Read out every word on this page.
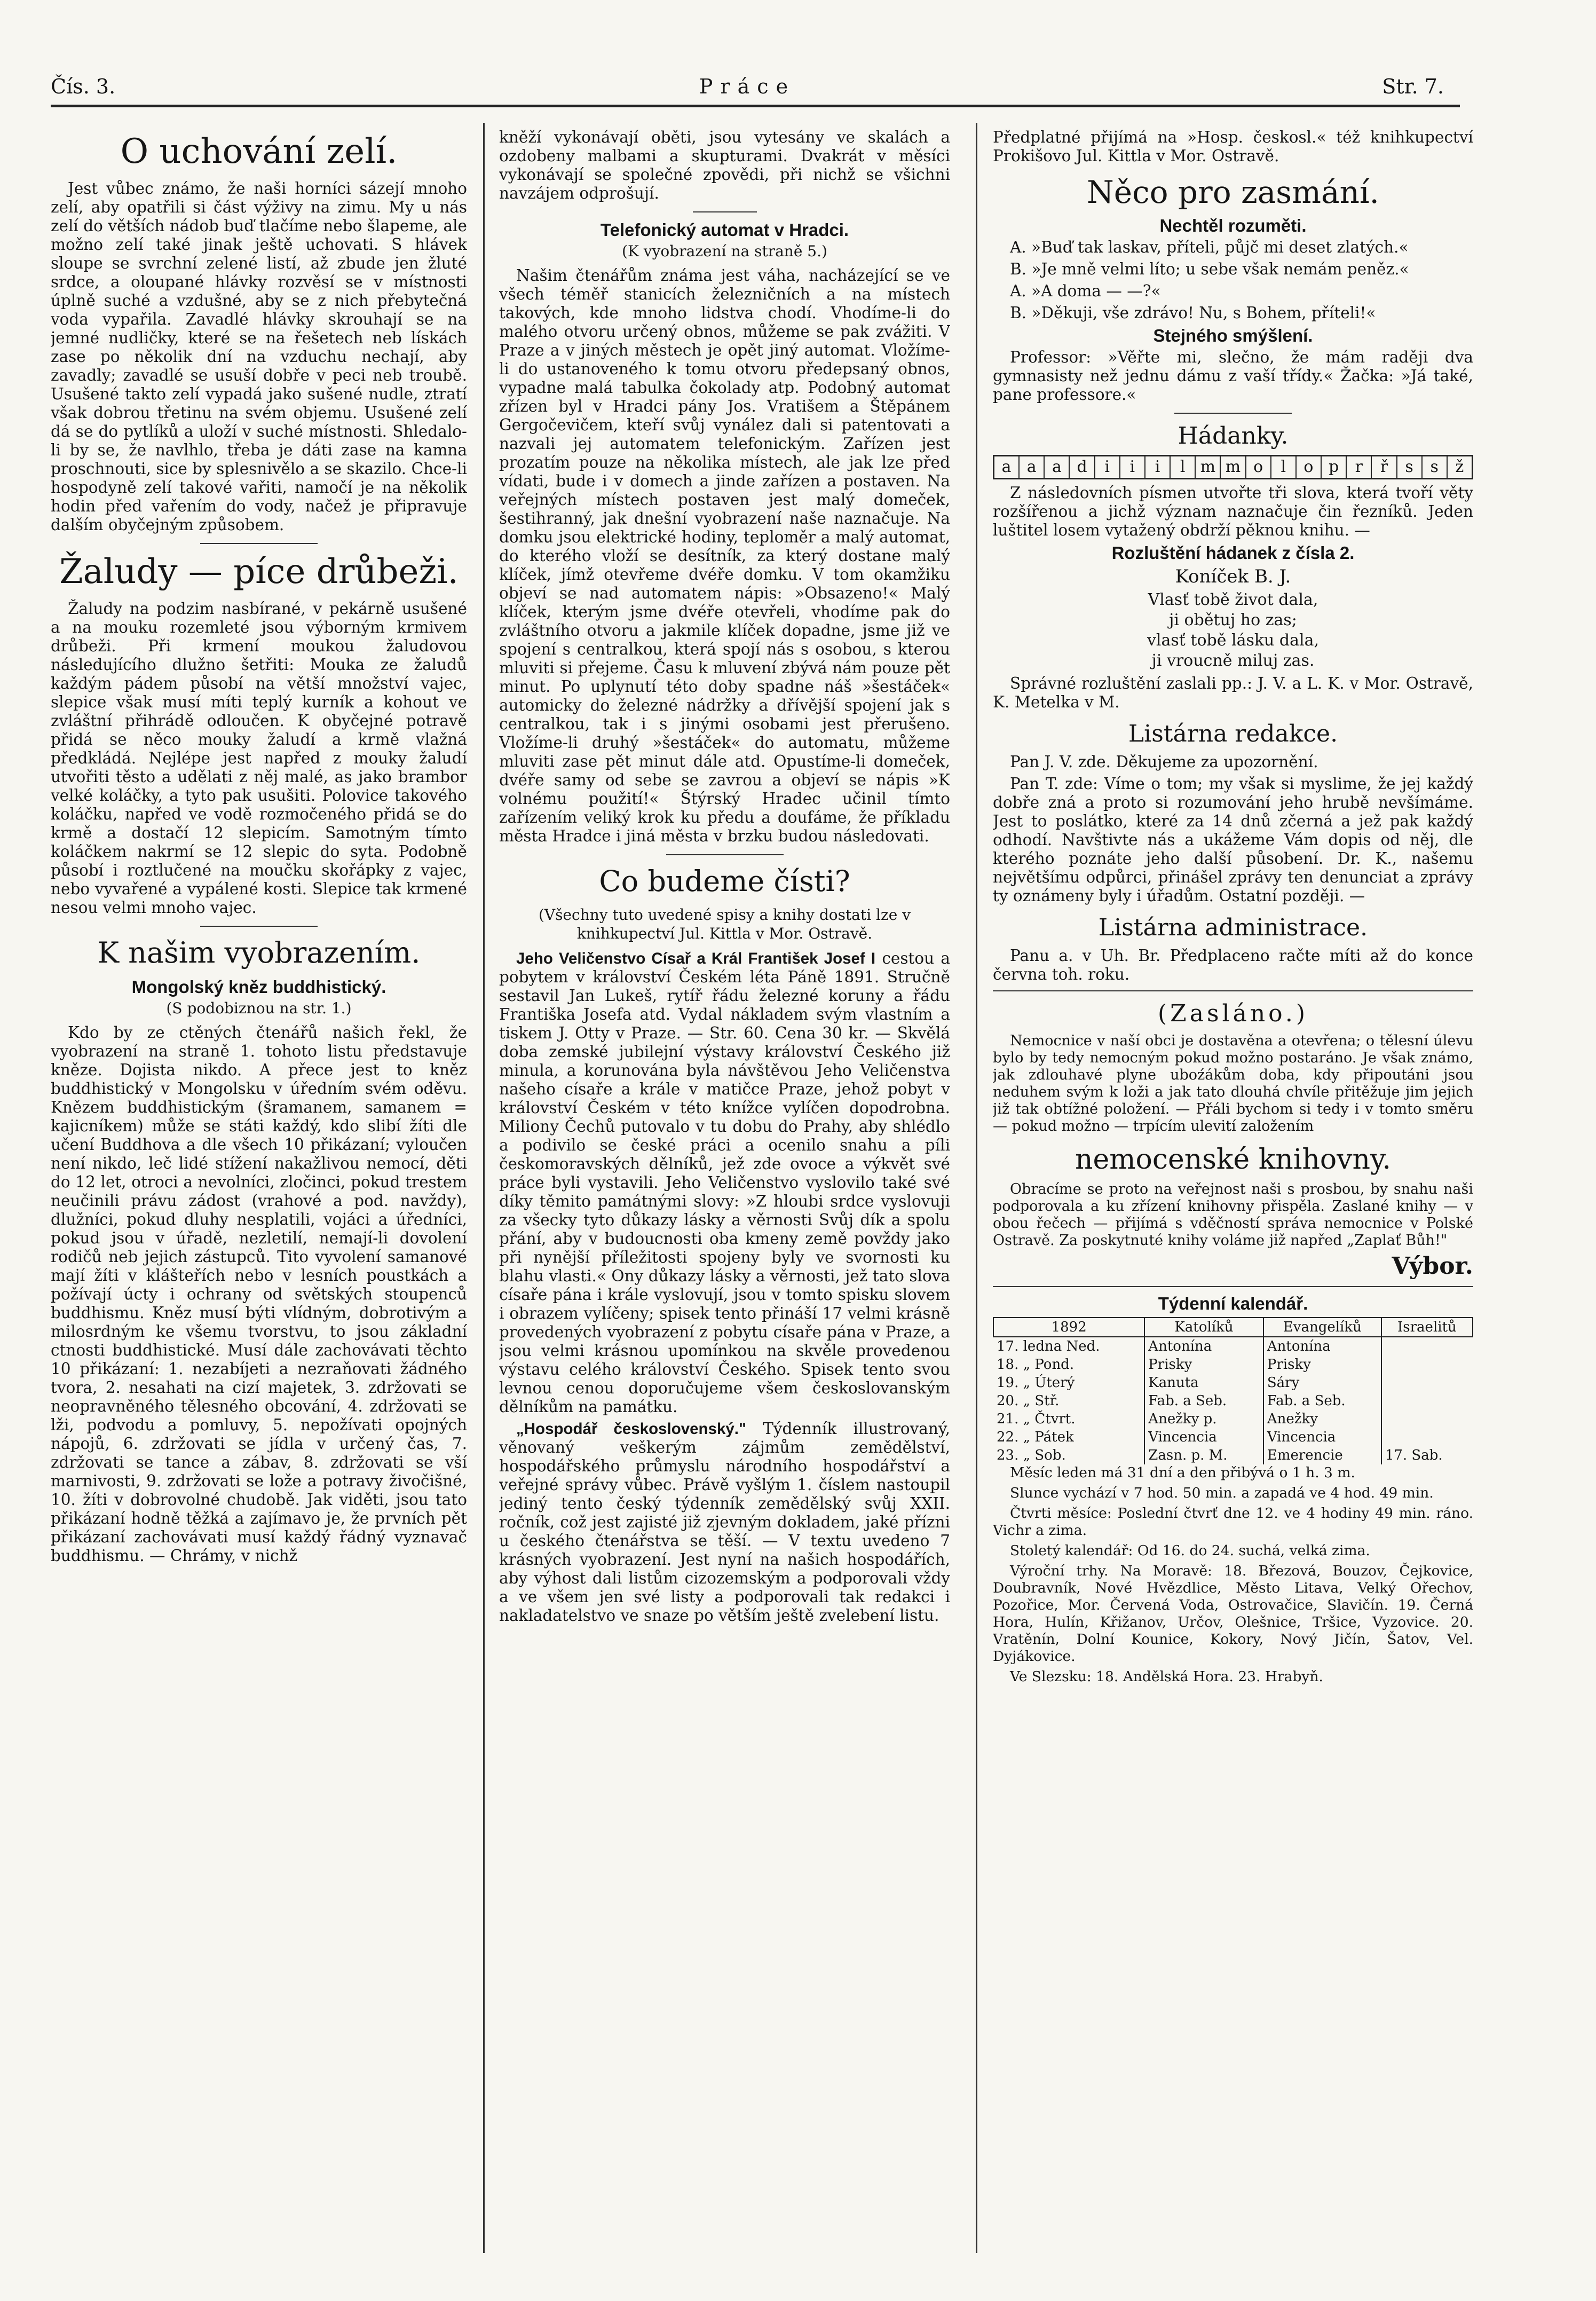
Čís. 3.	Práce	Str. 7.
O uchování zelí.

Jest vůbec známo, že naši horníci sázejí mnoho zelí, aby opatřili si část výživy na zimu. My u nás zelí do větších nádob buď tlačíme nebo šlapeme, ale možno zelí také jinak ještě uchovati. S hlávek sloupe se svrchní zelené listí, až zbude jen žluté srdce, a oloupané hlávky rozvěsí se v místnosti úplně suché a vzdušné, aby se z nich přebytečná voda vypařila. Zavadlé hlávky skrouhají se na jemné nudličky, které se na řešetech neb lískách zase po několik dní na vzduchu nechají, aby zavadly; zavadlé se usuší dobře v peci neb troubě. Usušené takto zelí vypadá jako sušené nudle, ztratí však dobrou třetinu na svém objemu. Usušené zelí dá se do pytlíků a uloží v suché místnosti. Shledalo-li by se, že navlhlo, třeba je dáti zase na kamna proschnouti, sice by splesnivělo a se skazilo. Chce-li hospodyně zelí takové vařiti, namočí je na několik hodin před vařením do vody, načež je připravuje dalším obyčejným způsobem.

Žaludy — píce drůbeži.

Žaludy na podzim nasbírané, v pekárně usušené a na mouku rozemleté jsou výborným krmivem drůbeži. Při krmení moukou žaludovou následujícího dlužno šetřiti: Mouka ze žaludů každým pádem působí na větší množství vajec, slepice však musí míti teplý kurník a kohout ve zvláštní přihrádě odloučen. K obyčejné potravě přidá se něco mouky žaludí a krmě vlažná předkládá. Nejlépe jest napřed z mouky žaludí utvořiti těsto a udělati z něj malé, as jako brambor velké koláčky, a tyto pak usušiti. Polovice takového koláčku, napřed ve vodě rozmočeného přidá se do krmě a dostačí 12 slepicím. Samotným tímto koláčkem nakrmí se 12 slepic do syta. Podobně působí i roztlučené na moučku skořápky z vajec, nebo vyvařené a vypálené kosti. Slepice tak krmené nesou velmi mnoho vajec.

K našim vyobrazením.
Mongolský kněz buddhistický.
(S podobiznou na str. 1.)

Kdo by ze ctěných čtenářů našich řekl, že vyobrazení na straně 1. tohoto listu představuje kněze. Dojista nikdo. A přece jest to kněz buddhistický v Mongolsku v úředním svém oděvu. Knězem buddhistickým (šramanem, samanem = kajicníkem) může se státi každý, kdo slibí žíti dle učení Buddhova a dle všech 10 přikázaní; vyloučen není nikdo, leč lidé stížení nakažlivou nemocí, děti do 12 let, otroci a nevolníci, zločinci, pokud trestem neučinili právu zádost (vrahové a pod. navždy), dlužníci, pokud dluhy nesplatili, vojáci a úředníci, pokud jsou v úřadě, nezletilí, nemají-li dovolení rodičů neb jejich zástupců. Tito vyvolení samanové mají žíti v klášteřích nebo v lesních poustkách a požívají úcty i ochrany od světských stoupenců buddhismu. Kněz musí býti vlídným, dobrotivým a milosrdným ke všemu tvorstvu, to jsou základní ctnosti buddhistické. Musí dále zachovávati těchto 10 přikázaní: 1. nezabíjeti a nezraňovati žádného tvora, 2. nesahati na cizí majetek, 3. zdržovati se neopravněného tělesného obcování, 4. zdržovati se lži, podvodu a pomluvy, 5. nepožívati opojných nápojů, 6. zdržovati se jídla v určený čas, 7. zdržovati se tance a zábav, 8. zdržovati se vší marnivosti, 9. zdržovati se lože a potravy živočišné, 10. žíti v dobrovolné chudobě. Jak viděti, jsou tato přikázaní hodně těžká a zajímavo je, že prvních pět přikázaní zachovávati musí každý řádný vyznavač buddhismu. — Chrámy, v nichž

kněží vykonávají oběti, jsou vytesány ve skalách a ozdobeny malbami a skupturami. Dvakrát v měsíci vykonávají se společné zpovědi, při nichž se všichni navzájem odprošují.

Telefonický automat v Hradci.
(K vyobrazení na straně 5.)

Našim čtenářům známa jest váha, nacházející se ve všech téměř stanicích železničních a na místech takových, kde mnoho lidstva chodí. Vhodíme-li do malého otvoru určený obnos, můžeme se pak zvážiti. V Praze a v jiných městech je opět jiný automat. Vložíme-li do ustanoveného k tomu otvoru předepsaný obnos, vypadne malá tabulka čokolady atp. Podobný automat zřízen byl v Hradci pány Jos. Vratišem a Štěpánem Gergočevičem, kteří svůj vynález dali si patentovati a nazvali jej automatem telefonickým. Zařízen jest prozatím pouze na několika místech, ale jak lze před vídati, bude i v domech a jinde zařízen a postaven. Na veřejných místech postaven jest malý domeček, šestihranný, jak dnešní vyobrazení naše naznačuje. Na domku jsou elektrické hodiny, teploměr a malý automat, do kterého vloží se desítník, za který dostane malý klíček, jímž otevřeme dvéře domku. V tom okamžiku objeví se nad automatem nápis: »Obsazeno!« Malý klíček, kterým jsme dvéře otevřeli, vhodíme pak do zvláštního otvoru a jakmile klíček dopadne, jsme již ve spojení s centralkou, která spojí nás s osobou, s kterou mluviti si přejeme. Času k mluvení zbývá nám pouze pět minut. Po uplynutí této doby spadne náš »šestáček« automicky do železné nádržky a dřívější spojení jak s centralkou, tak i s jinými osobami jest přerušeno. Vložíme-li druhý »šestáček« do automatu, můžeme mluviti zase pět minut dále atd. Opustíme-li domeček, dvéře samy od sebe se zavrou a objeví se nápis »K volnému použití!« Štýrský Hradec učinil tímto zařízením veliký krok ku předu a doufáme, že příkladu města Hradce i jiná města v brzku budou následovati.

Co budeme čísti?

(Všechny tuto uvedené spisy a knihy dostati lze v knihkupectví Jul. Kittla v Mor. Ostravě.

Jeho Veličenstvo Císař a Král František Josef I cestou a pobytem v království Českém léta Páně 1891. Stručně sestavil Jan Lukeš, rytíř řádu železné koruny a řádu Františka Josefa atd. Vydal nákladem svým vlastním a tiskem J. Otty v Praze. — Str. 60. Cena 30 kr. — Skvělá doba zemské jubilejní výstavy království Českého již minula, a korunována byla návštěvou Jeho Veličenstva našeho císaře a krále v matičce Praze, jehož pobyt v království Českém v této knížce vylíčen dopodrobna. Miliony Čechů putovalo v tu dobu do Prahy, aby shlédlo a podivilo se české práci a ocenilo snahu a píli českomoravských dělníků, jež zde ovoce a výkvět své práce byli vystavili. Jeho Veličenstvo vyslovilo také své díky těmito památnými slovy: »Z hloubi srdce vyslovuji za všecky tyto důkazy lásky a věrnosti Svůj dík a spolu přání, aby v budoucnosti oba kmeny země povždy jako při nynější příležitosti spojeny byly ve svornosti ku blahu vlasti.« Ony důkazy lásky a věrnosti, jež tato slova císaře pána i krále vyslovují, jsou v tomto spisku slovem i obrazem vylíčeny; spisek tento přináší 17 velmi krásně provedených vyobrazení z pobytu císaře pána v Praze, a jsou velmi krásnou upomínkou na skvěle provedenou výstavu celého království Českého. Spisek tento svou levnou cenou doporučujeme všem českoslovanským dělníkům na památku.

„Hospodář československý." Týdenník illustrovaný, věnovaný veškerým zájmům zemědělství, hospodářského průmyslu národního hospodářství a veřejné správy vůbec. Právě vyšlým 1. číslem nastoupil jediný tento český týdenník zemědělský svůj XXII. ročník, což jest zajisté již zjevným dokladem, jaké přízni u českého čtenářstva se těší. — V textu uvedeno 7 krásných vyobrazení. Jest nyní na našich hospodářích, aby výhost dali listům cizozemským a podporovali vždy a ve všem jen své listy a podporovali tak redakci i nakladatelstvo ve snaze po větším ještě zvelebení listu.

Předplatné přijímá na »Hosp. českosl.« též knihkupectví Prokišovo Jul. Kittla v Mor. Ostravě.

Něco pro zasmání.
Nechtěl rozuměti.

A. »Buď tak laskav, příteli, půjč mi deset zlatých.«

B. »Je mně velmi líto; u sebe však nemám peněz.«

A. »A doma — —?«

B. »Děkuji, vše zdrávo! Nu, s Bohem, příteli!«

Stejného smýšlení.

Professor: »Věřte mi, slečno, že mám raději dva gymnasisty než jednu dámu z vaší třídy.« Žačka: »Já také, pane professore.«

Hádanky.
a a a d	i	i	i	l m m o	l	o p	r	ř	s	s	ž

Z následovních písmen utvořte tři slova, která tvoří věty rozšířenou a jichž význam naznačuje čin řezníků. Jeden luštitel losem vytažený obdrží pěknou knihu. —

Rozluštění hádanek z čísla 2.
Koníček B. J.
Vlasť tobě život dala,
ji obětuj ho zas;
vlasť tobě lásku dala,
ji vroucně miluj zas.

Správné rozluštění zaslali pp.: J. V. a L. K. v Mor. Ostravě, K. Metelka v M.

Listárna redakce.

Pan J. V. zde. Děkujeme za upozornění.

Pan T. zde: Víme o tom; my však si myslime, že jej každý dobře zná a proto si rozumování jeho hrubě nevšímáme. Jest to poslátko, které za 14 dnů zčerná a jež pak každý odhodí. Navštivte nás a ukážeme Vám dopis od něj, dle kterého poznáte jeho další působení. Dr. K., našemu největšímu odpůrci, přinášel zprávy ten denunciat a zprávy ty oznámeny byly i úřadům. Ostatní později. —

Listárna administrace.

Panu a. v Uh. Br. Předplaceno račte míti až do konce června toh. roku.

(Zasláno.)

Nemocnice v naší obci je dostavěna a otevřena; o tělesní úlevu bylo by tedy nemocným pokud možno postaráno. Je však známo, jak zdlouhavé plyne uboźákům doba, kdy připoutáni jsou neduhem svým k loži a jak tato dlouhá chvíle přitěžuje jim jejich již tak obtížné položení. — Přáli bychom si tedy i v tomto směru — pokud možno — trpícím ulevití založením

nemocenské knihovny.

Obracíme se proto na veřejnost naši s prosbou, by snahu naši podporovala a ku zřízení knihovny přispěla. Zaslané knihy — v obou řečech — přijímá s vděčností správa nemocnice v Polské Ostravě. Za poskytnuté knihy voláme již napřed „Zaplať Bůh!"

Výbor.
Týdenní kalendář.
1892	Katolíků	Evangelíků	Israelitů
17. ledna Ned.	Antonína	Antonína	
18. „ Pond.	Prisky	Prisky	
19. „ Úterý	Kanuta	Sáry	
20. „ Stř.	Fab. a Seb.	Fab. a Seb.	
21. „ Čtvrt.	Anežky p.	Anežky	
22. „ Pátek	Vincencia	Vincencia	
23. „ Sob.	Zasn. p. M.	Emerencie	17. Sab.

Měsíc leden má 31 dní a den přibývá o 1 h. 3 m.

Slunce vychází v 7 hod. 50 min. a zapadá ve 4 hod. 49 min.

Čtvrti měsíce: Poslední čtvrť dne 12. ve 4 hodiny 49 min. ráno. Vichr a zima.

Stoletý kalendář: Od 16. do 24. suchá, velká zima.

Výroční trhy. Na Moravě: 18. Březová, Bouzov, Čejkovice, Doubravník, Nové Hvězdlice, Město Litava, Velký Ořechov, Pozořice, Mor. Červená Voda, Ostrovačice, Slavičín. 19. Černá Hora, Hulín, Křižanov, Určov, Olešnice, Tršice, Vyzovice. 20. Vratěnín, Dolní Kounice, Kokory, Nový Jičín, Šatov, Vel. Dyjákovice.

Ve Slezsku: 18. Andělská Hora. 23. Hrabyň.
